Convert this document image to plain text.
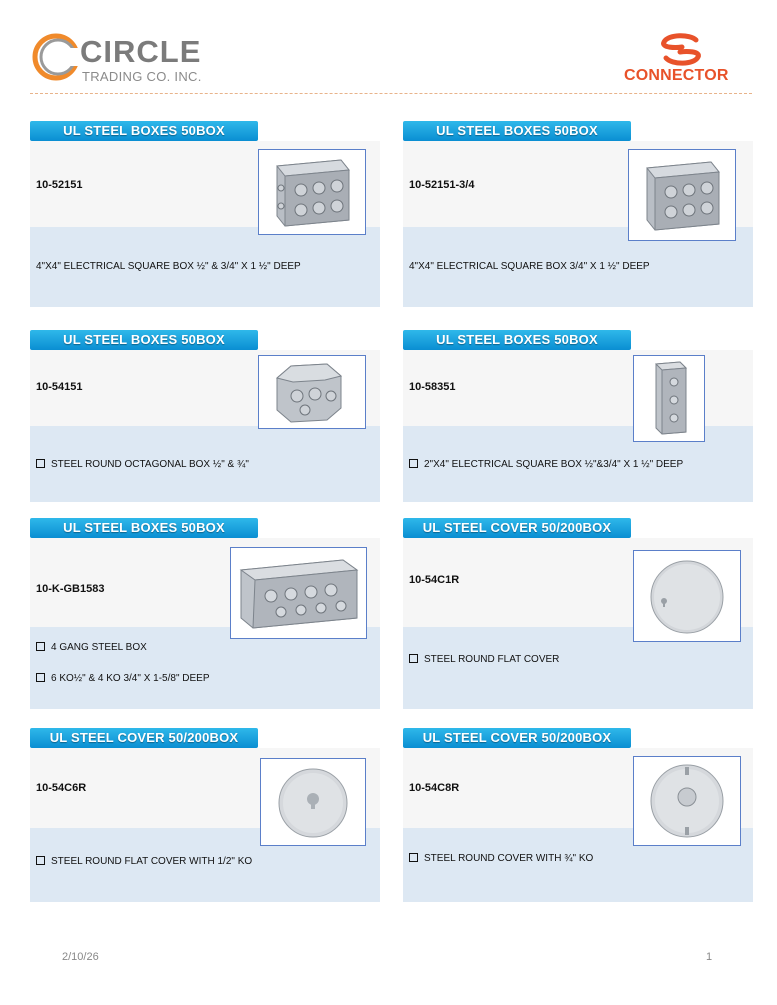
CIRCLE
TRADING CO. INC.	CONNECTOR
UL STEEL BOXES 50BOX
10-52151
4"X4" ELECTRICAL SQUARE BOX ½" & 3/4" X 1 ½" DEEP
UL STEEL BOXES 50BOX
10-52151-3/4
4"X4" ELECTRICAL SQUARE BOX 3/4" X 1 ½" DEEP
UL STEEL BOXES 50BOX
10-54151
STEEL ROUND OCTAGONAL BOX ½" & ¾"
UL STEEL BOXES 50BOX
10-58351
2"X4" ELECTRICAL SQUARE BOX ½"&3/4" X 1 ½" DEEP
UL STEEL BOXES 50BOX
10-K-GB1583
4 GANG STEEL BOX
6 KO½" & 4 KO 3/4" X 1-5/8" DEEP
UL STEEL COVER 50/200BOX
10-54C1R
STEEL ROUND FLAT COVER
UL STEEL COVER 50/200BOX
10-54C6R
STEEL ROUND FLAT COVER WITH 1/2" KO
UL STEEL COVER 50/200BOX
10-54C8R
STEEL ROUND COVER WITH ¾" KO
2/10/26	1
